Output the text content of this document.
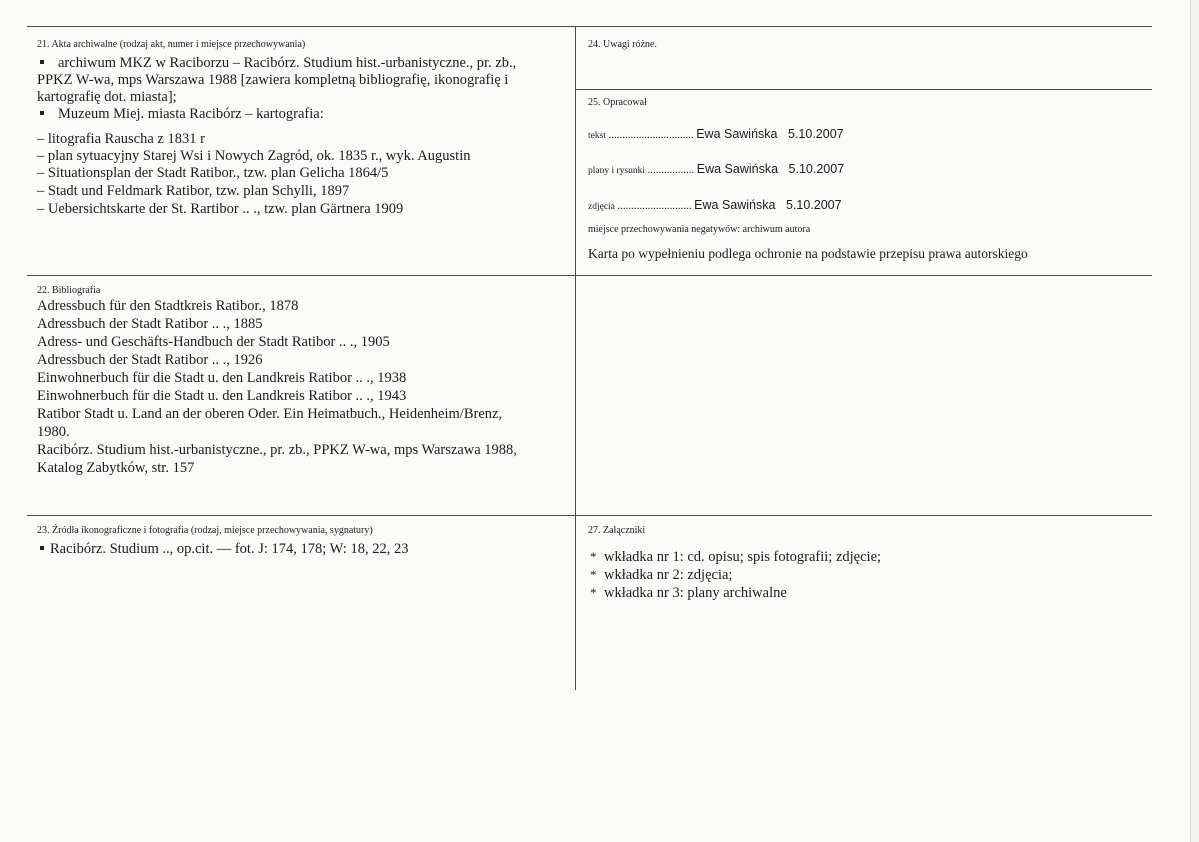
21. Akta archiwalne (rodzaj akt, numer i miejsce przechowywania)
archiwum MKZ w Raciborzu – Racibórz. Studium hist.-urbanistyczne., pr. zb.,
PPKZ W-wa, mps Warszawa 1988 [zawiera kompletną bibliografię, ikonografię i
kartografię dot. miasta];
Muzeum Miej. miasta Racibórz – kartografia:
– litografia Rauscha z 1831 r
– plan sytuacyjny Starej Wsi i Nowych Zagród, ok. 1835 r., wyk. Augustin
– Situationsplan der Stadt Ratibor., tzw. plan Gelicha 1864/5
– Stadt und Feldmark Ratibor, tzw. plan Schylli, 1897
– Uebersichtskarte der St. Rartibor .. ., tzw. plan Gärtnera 1909
24. Uwagi różne.
25. Opracował
tekst ............................... Ewa Sawińska 5.10.2007
plany i rysunki ................. Ewa Sawińska 5.10.2007
zdjęcia ........................... Ewa Sawińska 5.10.2007
miejsce przechowywania negatywów: archiwum autora
Karta po wypełnieniu podlega ochronie na podstawie przepisu prawa autorskiego
22. Bibliografia
Adressbuch für den Stadtkreis Ratibor., 1878
Adressbuch der Stadt Ratibor .. ., 1885
Adress- und Geschäfts-Handbuch der Stadt Ratibor .. ., 1905
Adressbuch der Stadt Ratibor .. ., 1926
Einwohnerbuch für die Stadt u. den Landkreis Ratibor .. ., 1938
Einwohnerbuch für die Stadt u. den Landkreis Ratibor .. ., 1943
Ratibor Stadt u. Land an der oberen Oder. Ein Heimatbuch., Heidenheim/Brenz,
1980.
Racibórz. Studium hist.-urbanistyczne., pr. zb., PPKZ W-wa, mps Warszawa 1988,
Katalog Zabytków, str. 157
23. Źródła ikonograficzne i fotografia (rodzaj, miejsce przechowywania, sygnatury)
Racibórz. Studium .., op.cit. — fot. J: 174, 178; W: 18, 22, 23
27. Załączniki
* wkładka nr 1: cd. opisu; spis fotografii; zdjęcie;
* wkładka nr 2: zdjęcia;
* wkładka nr 3: plany archiwalne
